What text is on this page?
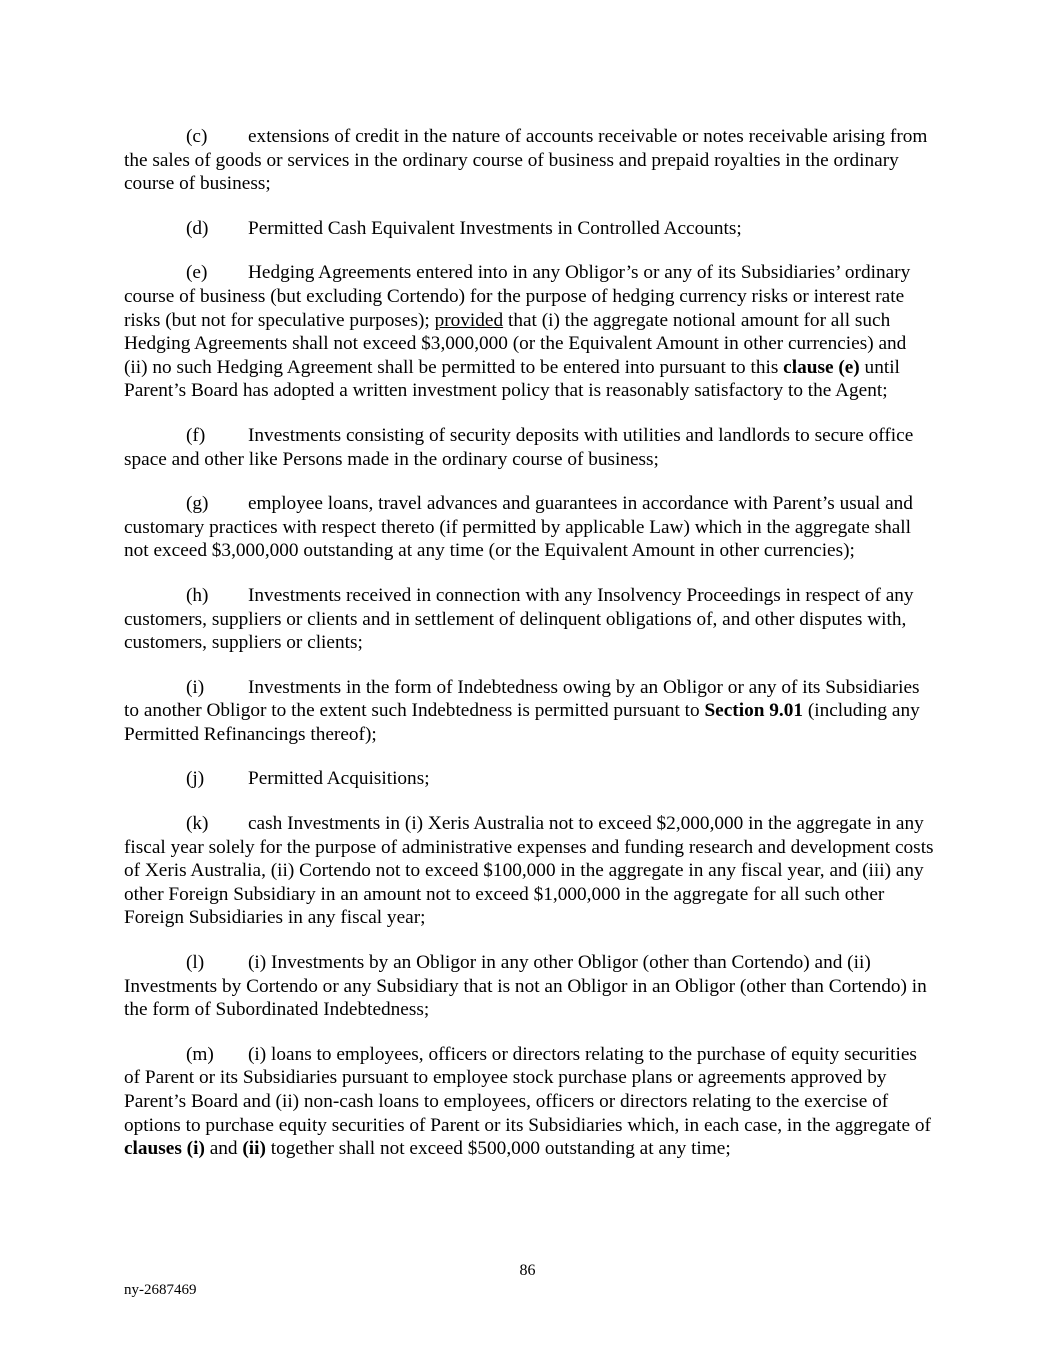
(c) extensions of credit in the nature of accounts receivable or notes receivable arising from the sales of goods or services in the ordinary course of business and prepaid royalties in the ordinary course of business;

(d) Permitted Cash Equivalent Investments in Controlled Accounts;

(e) Hedging Agreements entered into in any Obligor’s or any of its Subsidiaries’ ordinary course of business (but excluding Cortendo) for the purpose of hedging currency risks or interest rate risks (but not for speculative purposes); provided that (i) the aggregate notional amount for all such Hedging Agreements shall not exceed $3,000,000 (or the Equivalent Amount in other currencies) and (ii) no such Hedging Agreement shall be permitted to be entered into pursuant to this clause (e) until Parent’s Board has adopted a written investment policy that is reasonably satisfactory to the Agent;

(f) Investments consisting of security deposits with utilities and landlords to secure office space and other like Persons made in the ordinary course of business;

(g) employee loans, travel advances and guarantees in accordance with Parent’s usual and customary practices with respect thereto (if permitted by applicable Law) which in the aggregate shall not exceed $3,000,000 outstanding at any time (or the Equivalent Amount in other currencies);

(h) Investments received in connection with any Insolvency Proceedings in respect of any customers, suppliers or clients and in settlement of delinquent obligations of, and other disputes with, customers, suppliers or clients;

(i) Investments in the form of Indebtedness owing by an Obligor or any of its Subsidiaries to another Obligor to the extent such Indebtedness is permitted pursuant to Section 9.01 (including any Permitted Refinancings thereof);

(j) Permitted Acquisitions;

(k) cash Investments in (i) Xeris Australia not to exceed $2,000,000 in the aggregate in any fiscal year solely for the purpose of administrative expenses and funding research and development costs of Xeris Australia, (ii) Cortendo not to exceed $100,000 in the aggregate in any fiscal year, and (iii) any other Foreign Subsidiary in an amount not to exceed $1,000,000 in the aggregate for all such other Foreign Subsidiaries in any fiscal year;

(l) (i) Investments by an Obligor in any other Obligor (other than Cortendo) and (ii) Investments by Cortendo or any Subsidiary that is not an Obligor in an Obligor (other than Cortendo) in the form of Subordinated Indebtedness;

(m) (i) loans to employees, officers or directors relating to the purchase of equity securities of Parent or its Subsidiaries pursuant to employee stock purchase plans or agreements approved by Parent’s Board and (ii) non-cash loans to employees, officers or directors relating to the exercise of options to purchase equity securities of Parent or its Subsidiaries which, in each case, in the aggregate of clauses (i) and (ii) together shall not exceed $500,000 outstanding at any time;

86
ny-2687469
